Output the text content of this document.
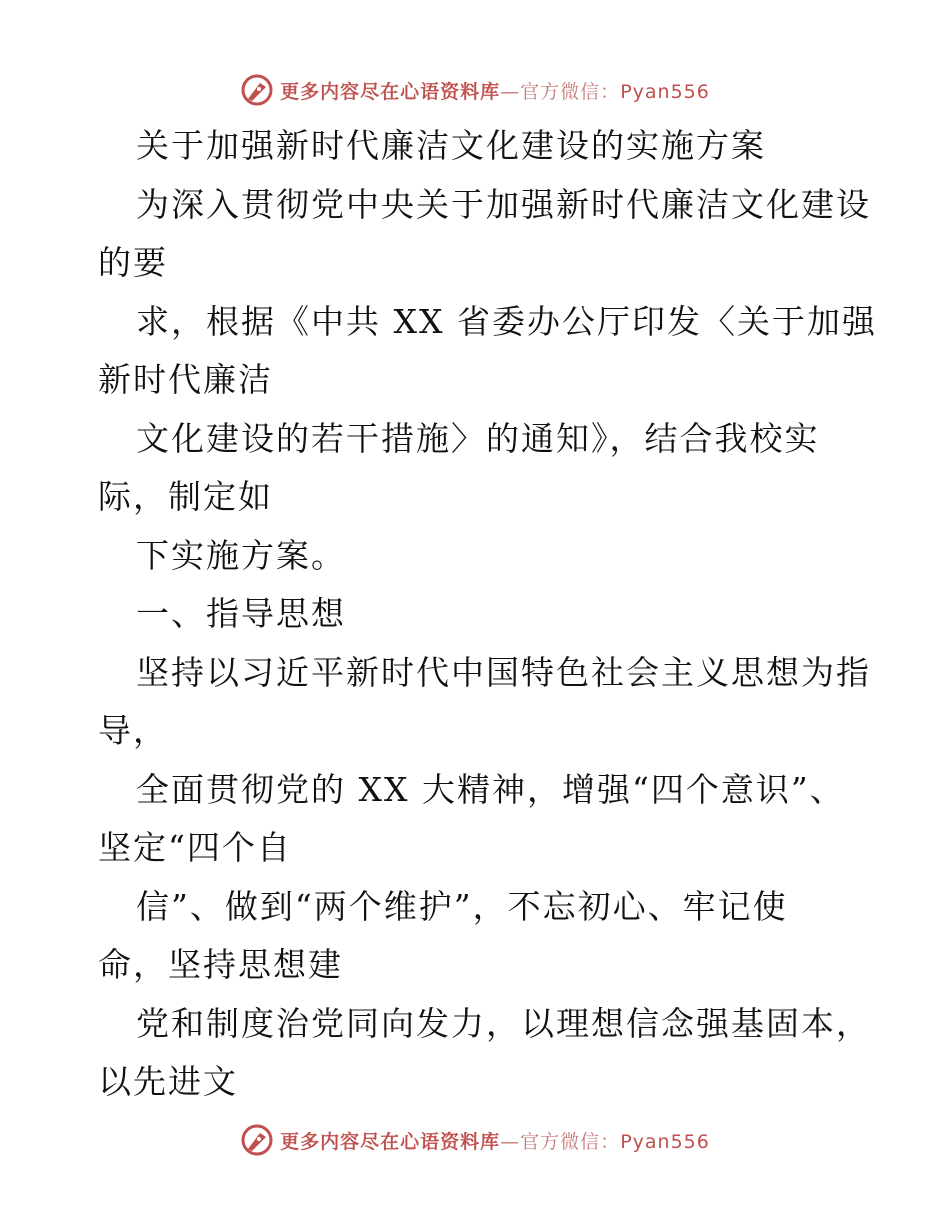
更多内容尽在心语资料库—官方微信：Pyan556
关于加强新时代廉洁文化建设的实施方案
为深入贯彻党中央关于加强新时代廉洁文化建设
的要
求，根据《中共 XX 省委办公厅印发〈关于加强
新时代廉洁
文化建设的若干措施〉的通知》，结合我校实
际，制定如
下实施方案。
一、指导思想
坚持以习近平新时代中国特色社会主义思想为指
导，
全面贯彻党的 XX 大精神，增强“四个意识”、
坚定“四个自
信”、做到“两个维护”，不忘初心、牢记使
命，坚持思想建
党和制度治党同向发力，以理想信念强基固本，
以先进文
更多内容尽在心语资料库—官方微信：Pyan556
